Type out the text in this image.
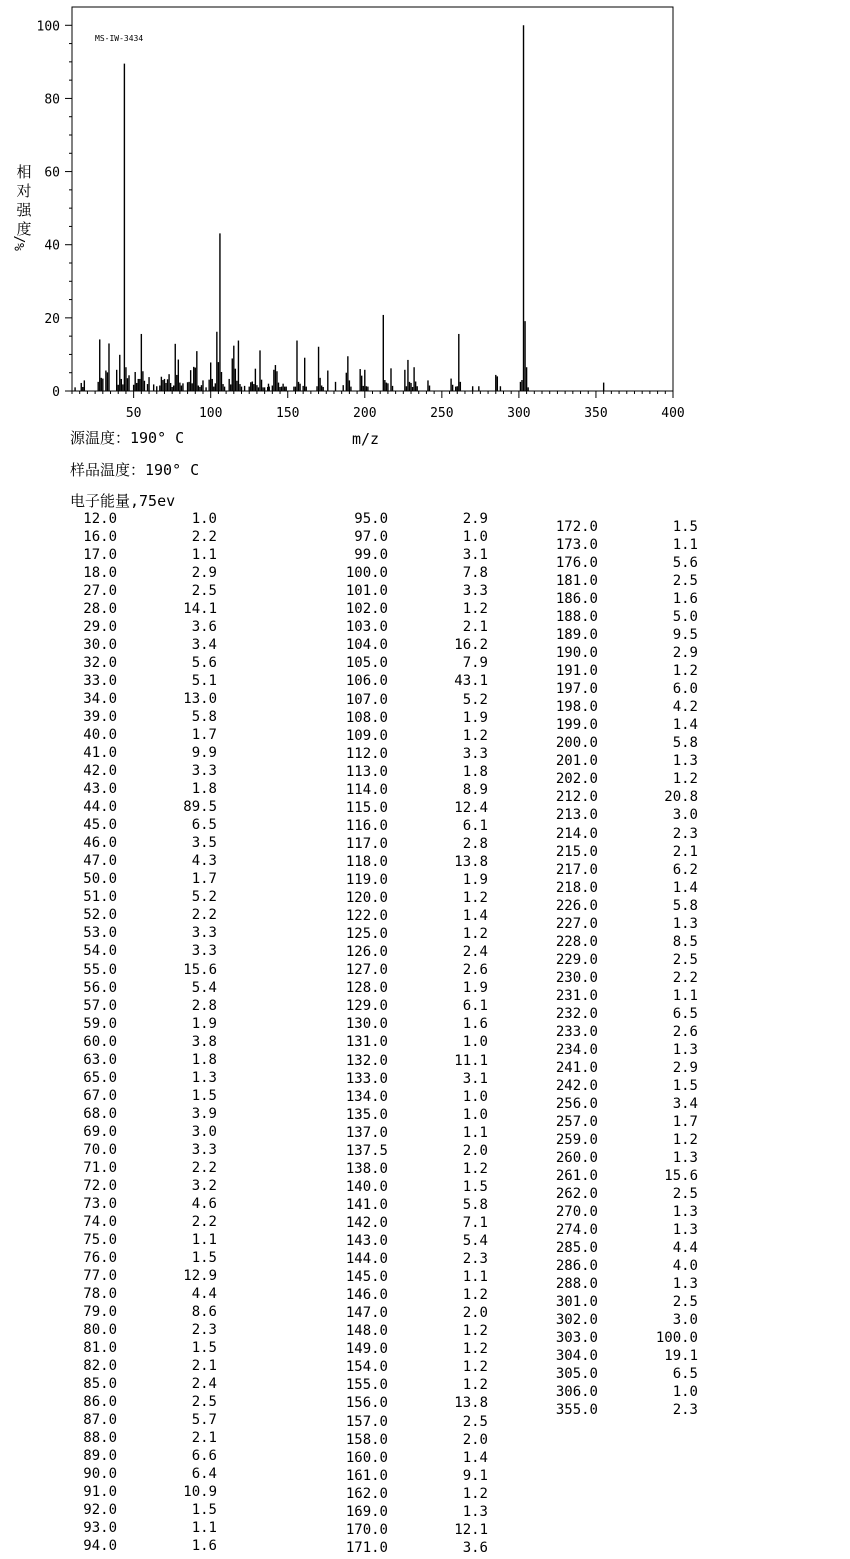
50	100	150	200	250	300	350	400
0
20
40
60
80
100
MS-IW-3434
m/z
相
对
强
度
%/
源温度：190° C
样品温度：190° C
电子能量,75ev
12.0	1.0
16.0	2.2
17.0	1.1
18.0	2.9
27.0	2.5
28.0	14.1
29.0	3.6
30.0	3.4
32.0	5.6
33.0	5.1
34.0	13.0
39.0	5.8
40.0	1.7
41.0	9.9
42.0	3.3
43.0	1.8
44.0	89.5
45.0	6.5
46.0	3.5
47.0	4.3
50.0	1.7
51.0	5.2
52.0	2.2
53.0	3.3
54.0	3.3
55.0	15.6
56.0	5.4
57.0	2.8
59.0	1.9
60.0	3.8
63.0	1.8
65.0	1.3
67.0	1.5
68.0	3.9
69.0	3.0
70.0	3.3
71.0	2.2
72.0	3.2
73.0	4.6
74.0	2.2
75.0	1.1
76.0	1.5
77.0	12.9
78.0	4.4
79.0	8.6
80.0	2.3
81.0	1.5
82.0	2.1
85.0	2.4
86.0	2.5
87.0	5.7
88.0	2.1
89.0	6.6
90.0	6.4
91.0	10.9
92.0	1.5
93.0	1.1
94.0	1.6
95.0	2.9
97.0	1.0
99.0	3.1
100.0	7.8
101.0	3.3
102.0	1.2
103.0	2.1
104.0	16.2
105.0	7.9
106.0	43.1
107.0	5.2
108.0	1.9
109.0	1.2
112.0	3.3
113.0	1.8
114.0	8.9
115.0	12.4
116.0	6.1
117.0	2.8
118.0	13.8
119.0	1.9
120.0	1.2
122.0	1.4
125.0	1.2
126.0	2.4
127.0	2.6
128.0	1.9
129.0	6.1
130.0	1.6
131.0	1.0
132.0	11.1
133.0	3.1
134.0	1.0
135.0	1.0
137.0	1.1
137.5	2.0
138.0	1.2
140.0	1.5
141.0	5.8
142.0	7.1
143.0	5.4
144.0	2.3
145.0	1.1
146.0	1.2
147.0	2.0
148.0	1.2
149.0	1.2
154.0	1.2
155.0	1.2
156.0	13.8
157.0	2.5
158.0	2.0
160.0	1.4
161.0	9.1
162.0	1.2
169.0	1.3
170.0	12.1
171.0	3.6
172.0	1.5
173.0	1.1
176.0	5.6
181.0	2.5
186.0	1.6
188.0	5.0
189.0	9.5
190.0	2.9
191.0	1.2
197.0	6.0
198.0	4.2
199.0	1.4
200.0	5.8
201.0	1.3
202.0	1.2
212.0	20.8
213.0	3.0
214.0	2.3
215.0	2.1
217.0	6.2
218.0	1.4
226.0	5.8
227.0	1.3
228.0	8.5
229.0	2.5
230.0	2.2
231.0	1.1
232.0	6.5
233.0	2.6
234.0	1.3
241.0	2.9
242.0	1.5
256.0	3.4
257.0	1.7
259.0	1.2
260.0	1.3
261.0	15.6
262.0	2.5
270.0	1.3
274.0	1.3
285.0	4.4
286.0	4.0
288.0	1.3
301.0	2.5
302.0	3.0
303.0	100.0
304.0	19.1
305.0	6.5
306.0	1.0
355.0	2.3
